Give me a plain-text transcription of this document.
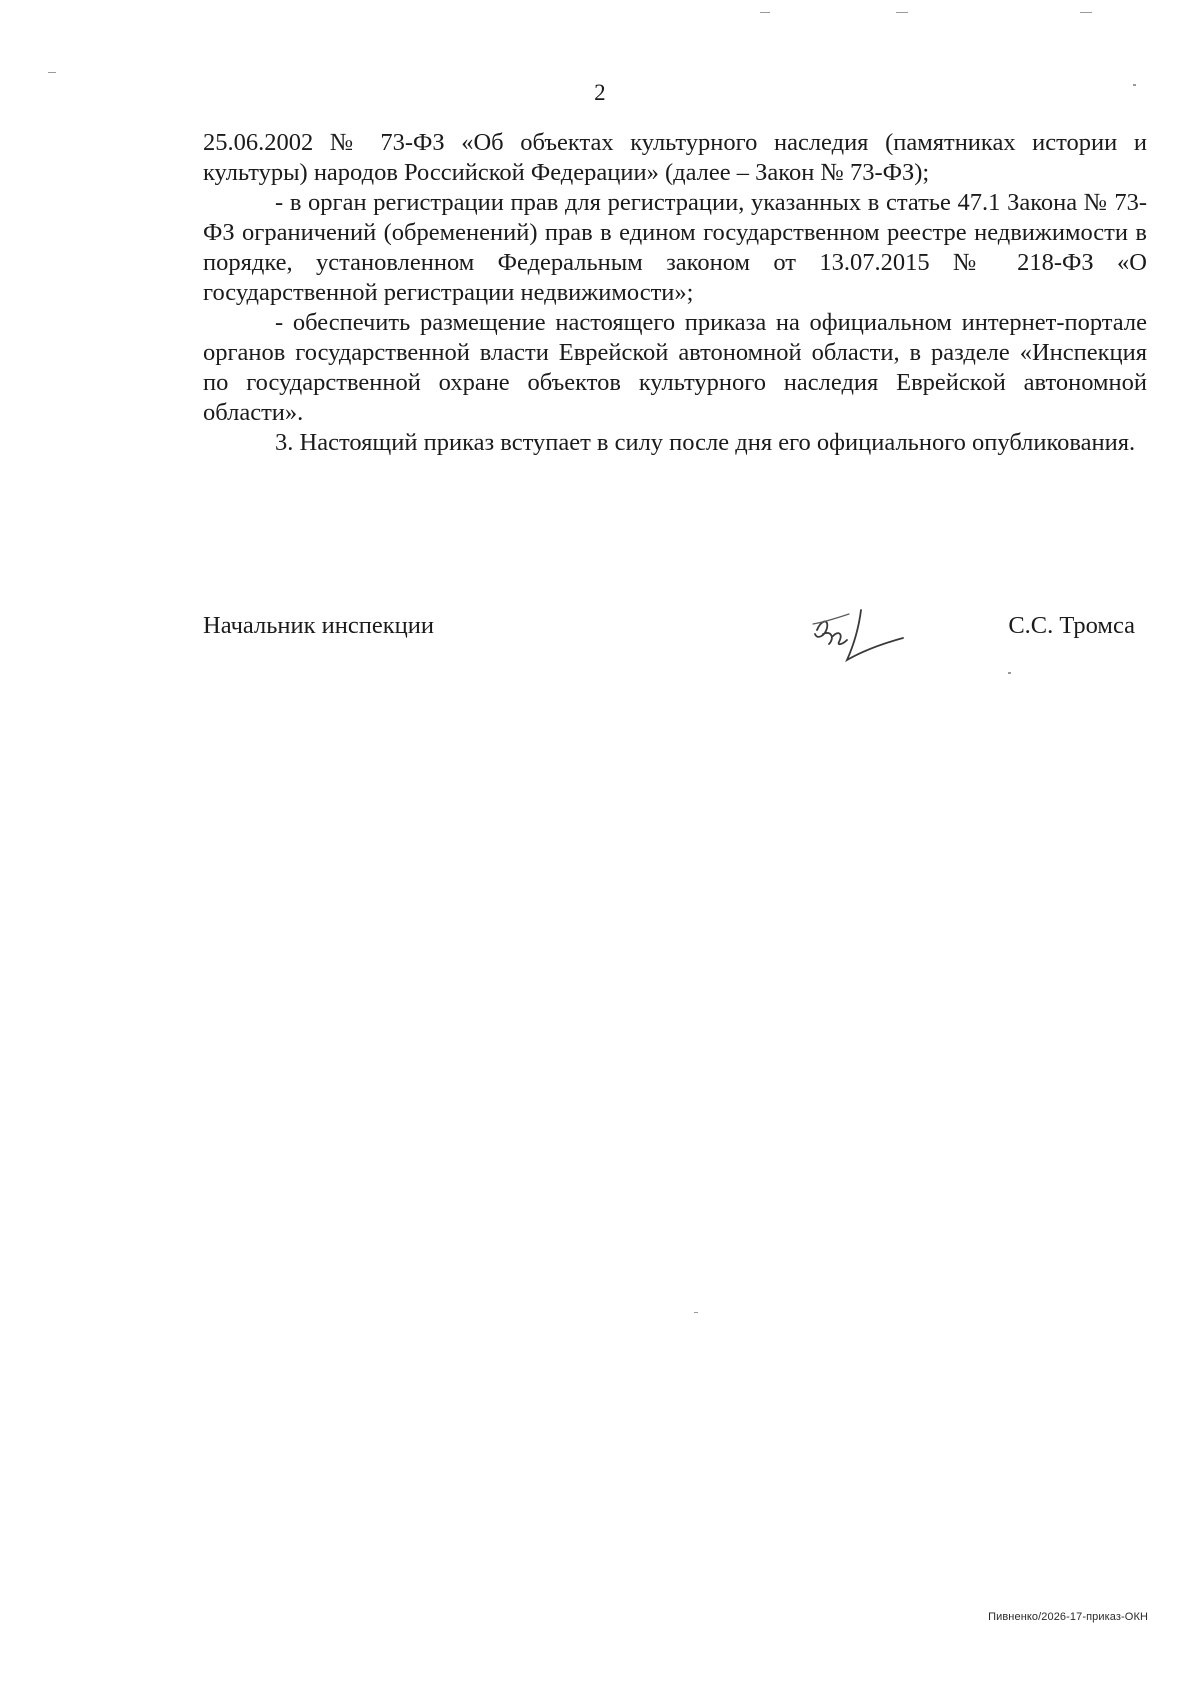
2

25.06.2002 № 73-ФЗ «Об объектах культурного наследия (памятниках истории и культуры) народов Российской Федерации» (далее – Закон № 73-ФЗ);

- в орган регистрации прав для регистрации, указанных в статье 47.1 Закона № 73-ФЗ ограничений (обременений) прав в едином государственном реестре недвижимости в порядке, установленном Федеральным законом от 13.07.2015 № 218-ФЗ «О государственной регистрации недвижимости»;

- обеспечить размещение настоящего приказа на официальном интернет-портале органов государственной власти Еврейской автономной области, в разделе «Инспекция по государственной охране объектов культурного наследия Еврейской автономной области».

3. Настоящий приказ вступает в силу после дня его официального опубликования.

Начальник инспекции	С.С. Тромса
Пивненко/2026-17-приказ-ОКН
